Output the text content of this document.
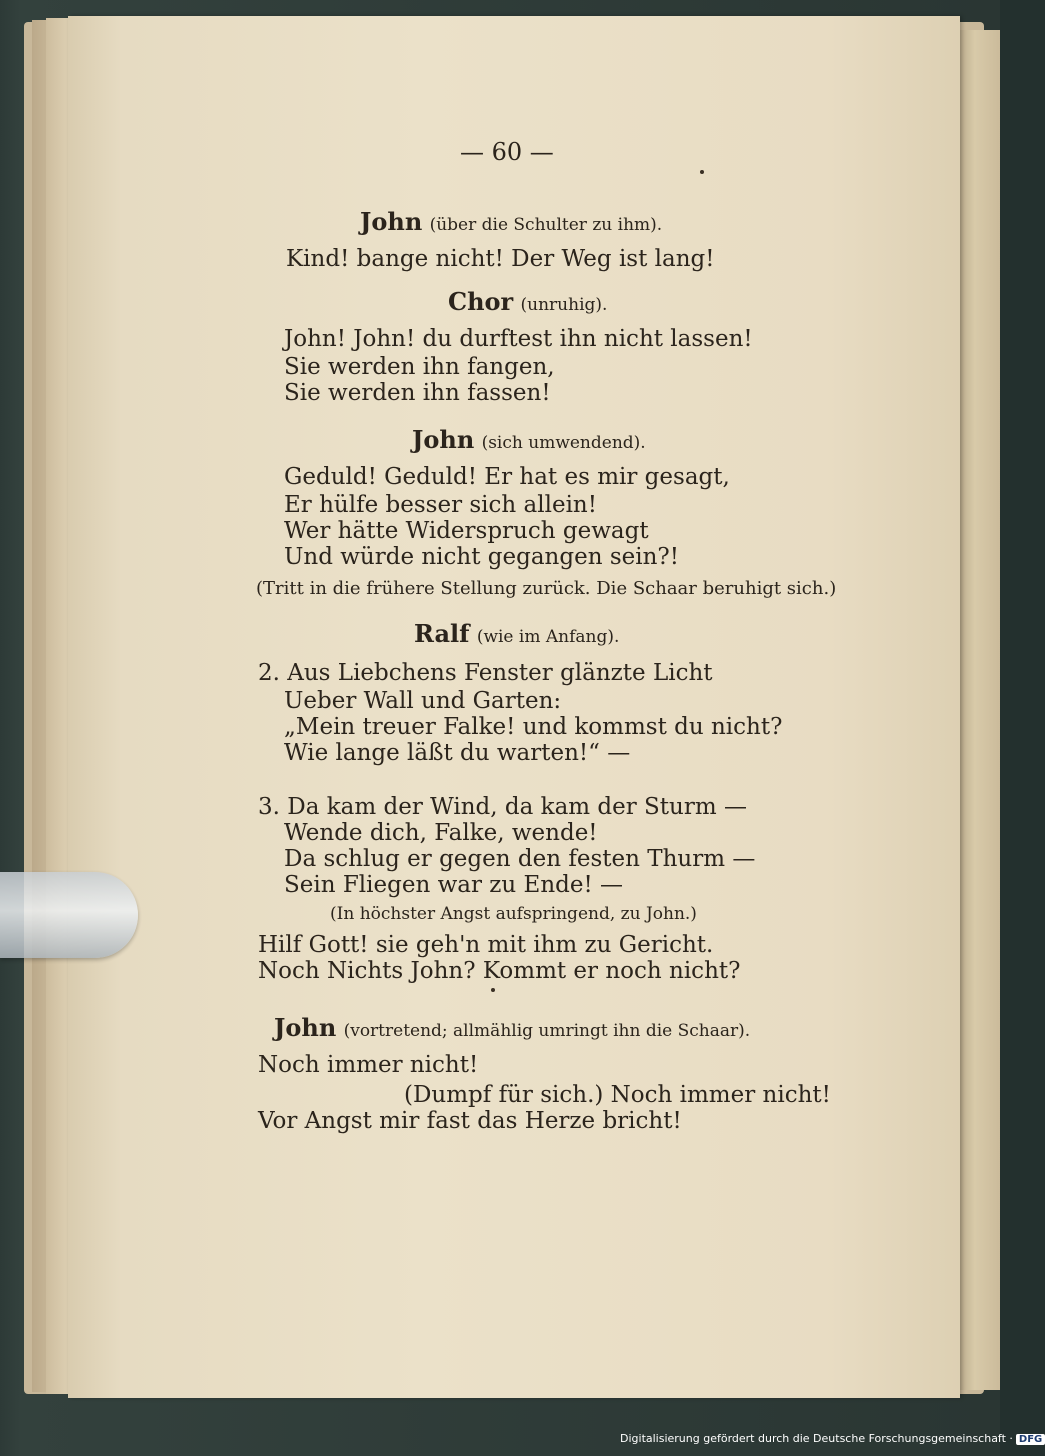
— 60 —
John (über die Schulter zu ihm).
Kind! bange nicht! Der Weg ist lang!
Chor (unruhig).
John! John! du durftest ihn nicht lassen!
Sie werden ihn fangen,
Sie werden ihn fassen!
John (sich umwendend).
Geduld! Geduld! Er hat es mir gesagt,
Er hülfe besser sich allein!
Wer hätte Widerspruch gewagt
Und würde nicht gegangen sein?!
(Tritt in die frühere Stellung zurück. Die Schaar beruhigt sich.)
Ralf (wie im Anfang).
2. Aus Liebchens Fenster glänzte Licht
Ueber Wall und Garten:
„Mein treuer Falke! und kommst du nicht?
Wie lange läßt du warten!“ —
3. Da kam der Wind, da kam der Sturm —
Wende dich, Falke, wende!
Da schlug er gegen den festen Thurm —
Sein Fliegen war zu Ende! —
(In höchster Angst aufspringend, zu John.)
Hilf Gott! sie geh'n mit ihm zu Gericht.
Noch Nichts John? Kommt er noch nicht?
John (vortretend; allmählig umringt ihn die Schaar).
Noch immer nicht!
(Dumpf für sich.) Noch immer nicht!
Vor Angst mir fast das Herze bricht!
Digitalisierung gefördert durch die Deutsche Forschungsgemeinschaft · DFG
